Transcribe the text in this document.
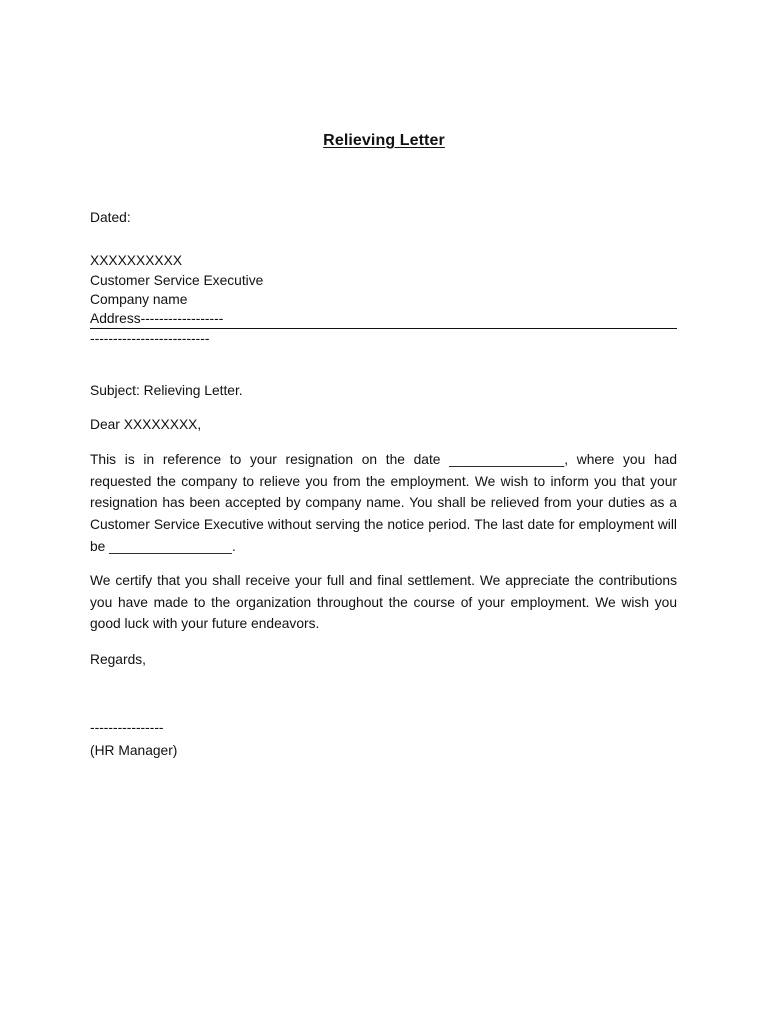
Relieving Letter
Dated:
XXXXXXXXXX
Customer Service Executive
Company name
Address------------------
--------------------------
Subject: Relieving Letter.
Dear XXXXXXXX,
This is in reference to your resignation on the date _______________, where you had requested the company to relieve you from the employment. We wish to inform you that your resignation has been accepted by company name. You shall be relieved from your duties as a Customer Service Executive without serving the notice period. The last date for employment will be ________________.
We certify that you shall receive your full and final settlement. We appreciate the contributions you have made to the organization throughout the course of your employment. We wish you good luck with your future endeavors.
Regards,
----------------
(HR Manager)
